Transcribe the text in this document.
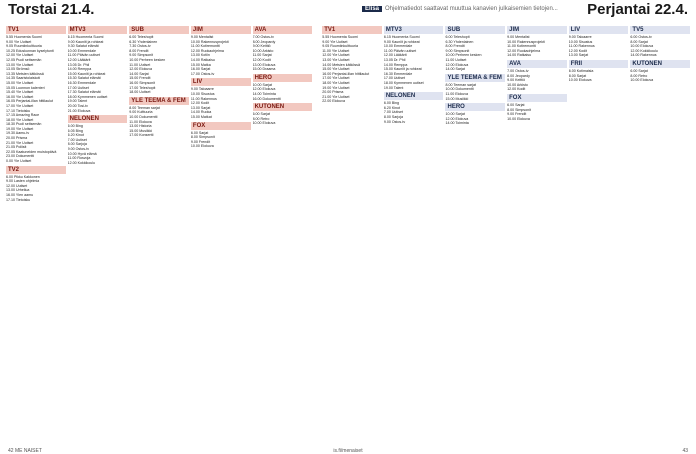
Torstai 21.4.	Elisa Ohjelmatiedot saattavat muuttua kanavien julkaisemien tietojen... Perjantai 22.4.
TV1
5.55 Huomenta Suomi
9.00 Yle Uutiset
9.05 Ruumiinkulttuuria
10.25 Eduskunnan kyselytunti
12.00 Yle Uutiset
12.05 Puoli seitsemän
13.00 Yle Uutiset
13.05 Strömsö
13.35 Metsien kätkössä
14.35 Saaristolaiskoti
15.00 Yle Uutiset
15.05 Luonnon kalenteri
15.40 Yle Uutiset
16.00 Yle Uutiset
16.05 Perjantai-illan hittilaulut
17.00 Yle Uutiset
17.10 Tietoisku
17.15 Amazing Race
18.00 Yle Uutiset
18.30 Puoli seitsemän
19.00 Yle Uutiset
19.30 Aamu-tv
20.00 Prisma
21.00 Yle Uutiset
21.05 Poliisit
22.05 Kaatuneiden muistopäivä
23.00 Dokumentti
0.00 Yle Uutiset
TV2
6.00 Pikku Kakkonen
9.00 Lasten ohjelmia
12.00 Uutiset
13.00 Urheilua
16.00 Ylen aamu
17.10 Tietoisku
MTV3
6.15 Huomenta Suomi
9.00 Kauniit ja rohkeat
9.30 Salatut elämät
10.00 Emmerdale
11.00 Päivän uutiset
12.00 Lääkärit
13.05 Dr. Phil
14.00 Remppa
15.00 Kauniit ja rohkeat
15.30 Salatut elämät
16.30 Emmerdale
17.00 Uutiset
17.30 Salatut elämät
18.00 Kymmenen uutiset
19.00 Talent
20.00 Tosi-tv
21.00 Elokuva
NELONEN
6.00 Bing
6.05 Bing
6.20 Kinot
7.00 Uutiset
8.00 Sarjoja
9.00 Ostos-tv
10.00 Hyvä elämä
11.00 Rosvoja
12.00 Kokkikoulu
SUB
6.00 Teleshopit
6.30 Yhdenlainen
7.30 Ostos-tv
8.00 Frendit
9.00 Simpsonit
10.00 Perheen kesken
11.00 Uutiset
12.00 Elokuva
14.00 Sarjat
15.00 Frendit
16.00 Simpsonit
17.00 Teleshopit
18.00 Uutiset
YLE TEEMA & FEM
8.00 Teeman sarjat
9.00 Kulttuuria
10.00 Dokumentti
11.00 Elokuva
13.00 Historia
15.00 Musiikki
17.00 Konsertti
JIM
9.00 Mentalist
10.00 Rakennusprojekti
11.00 Kotiremontti
12.00 Ruokaohjelma
13.00 Kotiin
14.00 Ratkaisu
15.00 Matka
16.00 Sarjat
17.00 Ostos-tv
LIV
9.00 Taloaarre
10.00 Sisustus
11.00 Rakennus
12.00 Kodit
13.00 Sarjat
14.00 Ruoka
15.00 Matkat
FOX
6.00 Sarjat
8.00 Simpsonit
9.00 Frendit
10.00 Elokuva
AVA
7.00 Ostos-tv
8.00 Jeopardy
9.00 Keittiö
10.00 Arkisto
11.00 Sarjat
12.00 Kodit
13.00 Elokuva
15.00 Draama
HERO
10.00 Sarjat
12.00 Elokuva
14.00 Toiminta
16.00 Dokumentti
KUTONEN
6.00 Sarjat
8.00 Retro
10.00 Elokuva
TV1
5.55 Huomenta Suomi
9.00 Yle Uutiset
9.05 Ruumiinkulttuuria
11.00 Yle Uutiset
12.00 Yle Uutiset
13.00 Yle Uutiset
14.00 Metsien kätkössä
15.00 Yle Uutiset
16.00 Perjantai-illan hittilaulut
17.00 Yle Uutiset
18.00 Yle Uutiset
19.00 Yle Uutiset
20.00 Prisma
21.00 Yle Uutiset
22.00 Elokuva
MTV3
6.15 Huomenta Suomi
9.00 Kauniit ja rohkeat
10.00 Emmerdale
11.00 Päivän uutiset
12.00 Lääkärit
13.05 Dr. Phil
14.00 Remppa
15.00 Kauniit ja rohkeat
16.30 Emmerdale
17.00 Uutiset
18.00 Kymmenen uutiset
19.00 Talent
NELONEN
6.00 Bing
6.20 Kinot
7.00 Uutiset
8.00 Sarjoja
9.00 Ostos-tv
SUB
6.00 Teleshopit
6.30 Yhdenlainen
8.00 Frendit
9.00 Simpsonit
10.00 Perheen kesken
11.00 Uutiset
12.00 Elokuva
14.00 Sarjat
YLE TEEMA & FEM
8.00 Teeman sarjat
10.00 Dokumentti
11.00 Elokuva
15.00 Musiikki
HERO
10.00 Sarjat
12.00 Elokuva
14.00 Toiminta
JIM
9.00 Mentalist
10.00 Rakennusprojekti
11.00 Kotiremontti
12.00 Ruokaohjelma
14.00 Ratkaisu
AVA
7.00 Ostos-tv
8.00 Jeopardy
9.00 Keittiö
10.00 Arkisto
12.00 Kodit
FOX
6.00 Sarjat
8.00 Simpsonit
9.00 Frendit
10.00 Elokuva
LIV
9.00 Taloaarre
10.00 Sisustus
11.00 Rakennus
12.00 Kodit
13.00 Sarjat
FRII
6.00 Kotimaisia
8.00 Sarjat
10.00 Elokuva
TV5
6.00 Ostos-tv
8.00 Sarjat
10.00 Elokuva
12.00 Kokkikoulu
14.00 Rakennus
KUTONEN
6.00 Sarjat
8.00 Retro
10.00 Elokuva
42 ME NAISET	is.fi/menaiset	43
